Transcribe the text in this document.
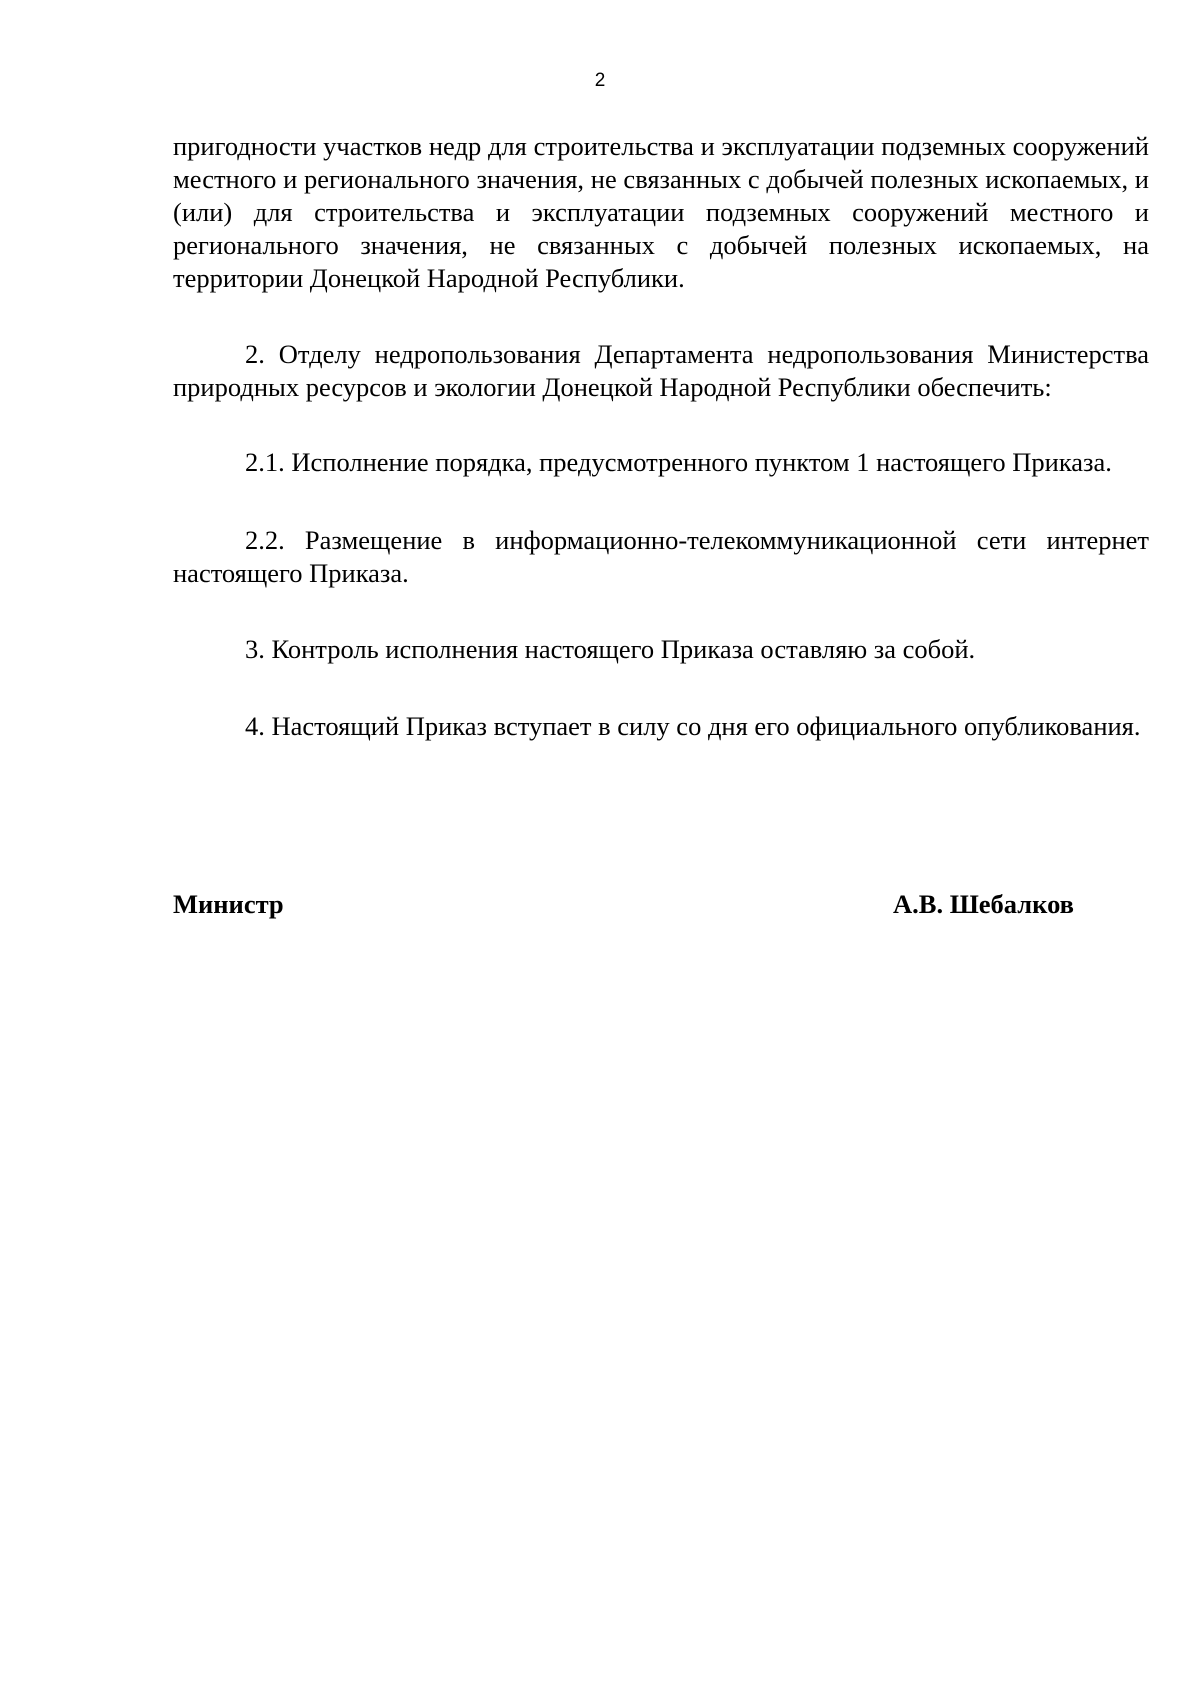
2

пригодности участков недр для строительства и эксплуатации подземных сооружений местного и регионального значения, не связанных с добычей полезных ископаемых, и (или) для строительства и эксплуатации подземных сооружений местного и регионального значения, не связанных с добычей полезных ископаемых, на территории Донецкой Народной Республики.

2. Отделу недропользования Департамента недропользования Министерства природных ресурсов и экологии Донецкой Народной Республики обеспечить:

2.1. Исполнение порядка, предусмотренного пунктом 1 настоящего Приказа.

2.2. Размещение в информационно-телекоммуникационной сети интернет настоящего Приказа.

3. Контроль исполнения настоящего Приказа оставляю за собой.

4. Настоящий Приказ вступает в силу со дня его официального опубликования.

Министр	А.В. Шебалков
